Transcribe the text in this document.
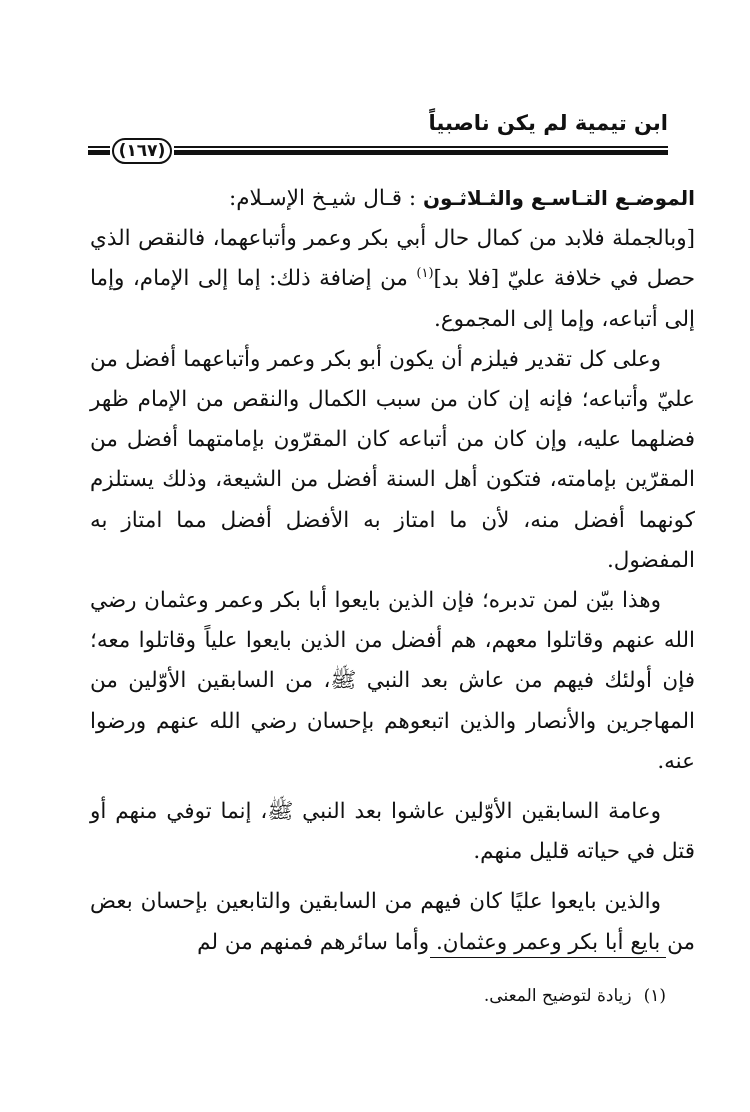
ابن تيمية لم يكن ناصبياً
(١٦٧)

الموضـع التـاسـع والثـلاثـون : قـال شيـخ الإسـلام:

[وبالجملة فلابد من كمال حال أبي بكر وعمر وأتباعهما، فالنقص الذي حصل في خلافة عليّ [فلا بد]$^{(١)}$ من إضافة ذلك: إما إلى الإمام، وإما إلى أتباعه، وإما إلى المجموع.

وعلى كل تقدير فيلزم أن يكون أبو بكر وعمر وأتباعهما أفضل من عليّ وأتباعه؛ فإنه إن كان من سبب الكمال والنقص من الإمام ظهر فضلهما عليه، وإن كان من أتباعه كان المقرّون بإمامتهما أفضل من المقرّين بإمامته، فتكون أهل السنة أفضل من الشيعة، وذلك يستلزم كونهما أفضل منه، لأن ما امتاز به الأفضل أفضل مما امتاز به المفضول.

وهذا بيّن لمن تدبره؛ فإن الذين بايعوا أبا بكر وعمر وعثمان رضي الله عنهم وقاتلوا معهم، هم أفضل من الذين بايعوا علياً وقاتلوا معه؛ فإن أولئك فيهم من عاش بعد النبي ﷺ، من السابقين الأوّلين من المهاجرين والأنصار والذين اتبعوهم بإحسان رضي الله عنهم ورضوا عنه.

وعامة السابقين الأوّلين عاشوا بعد النبي ﷺ، إنما توفي منهم أو قتل في حياته قليل منهم.

والذين بايعوا عليًا كان فيهم من السابقين والتابعين بإحسان بعض من بايع أبا بكر وعمر وعثمان. وأما سائرهم فمنهم من لم

(١)زيادة لتوضيح المعنى.
